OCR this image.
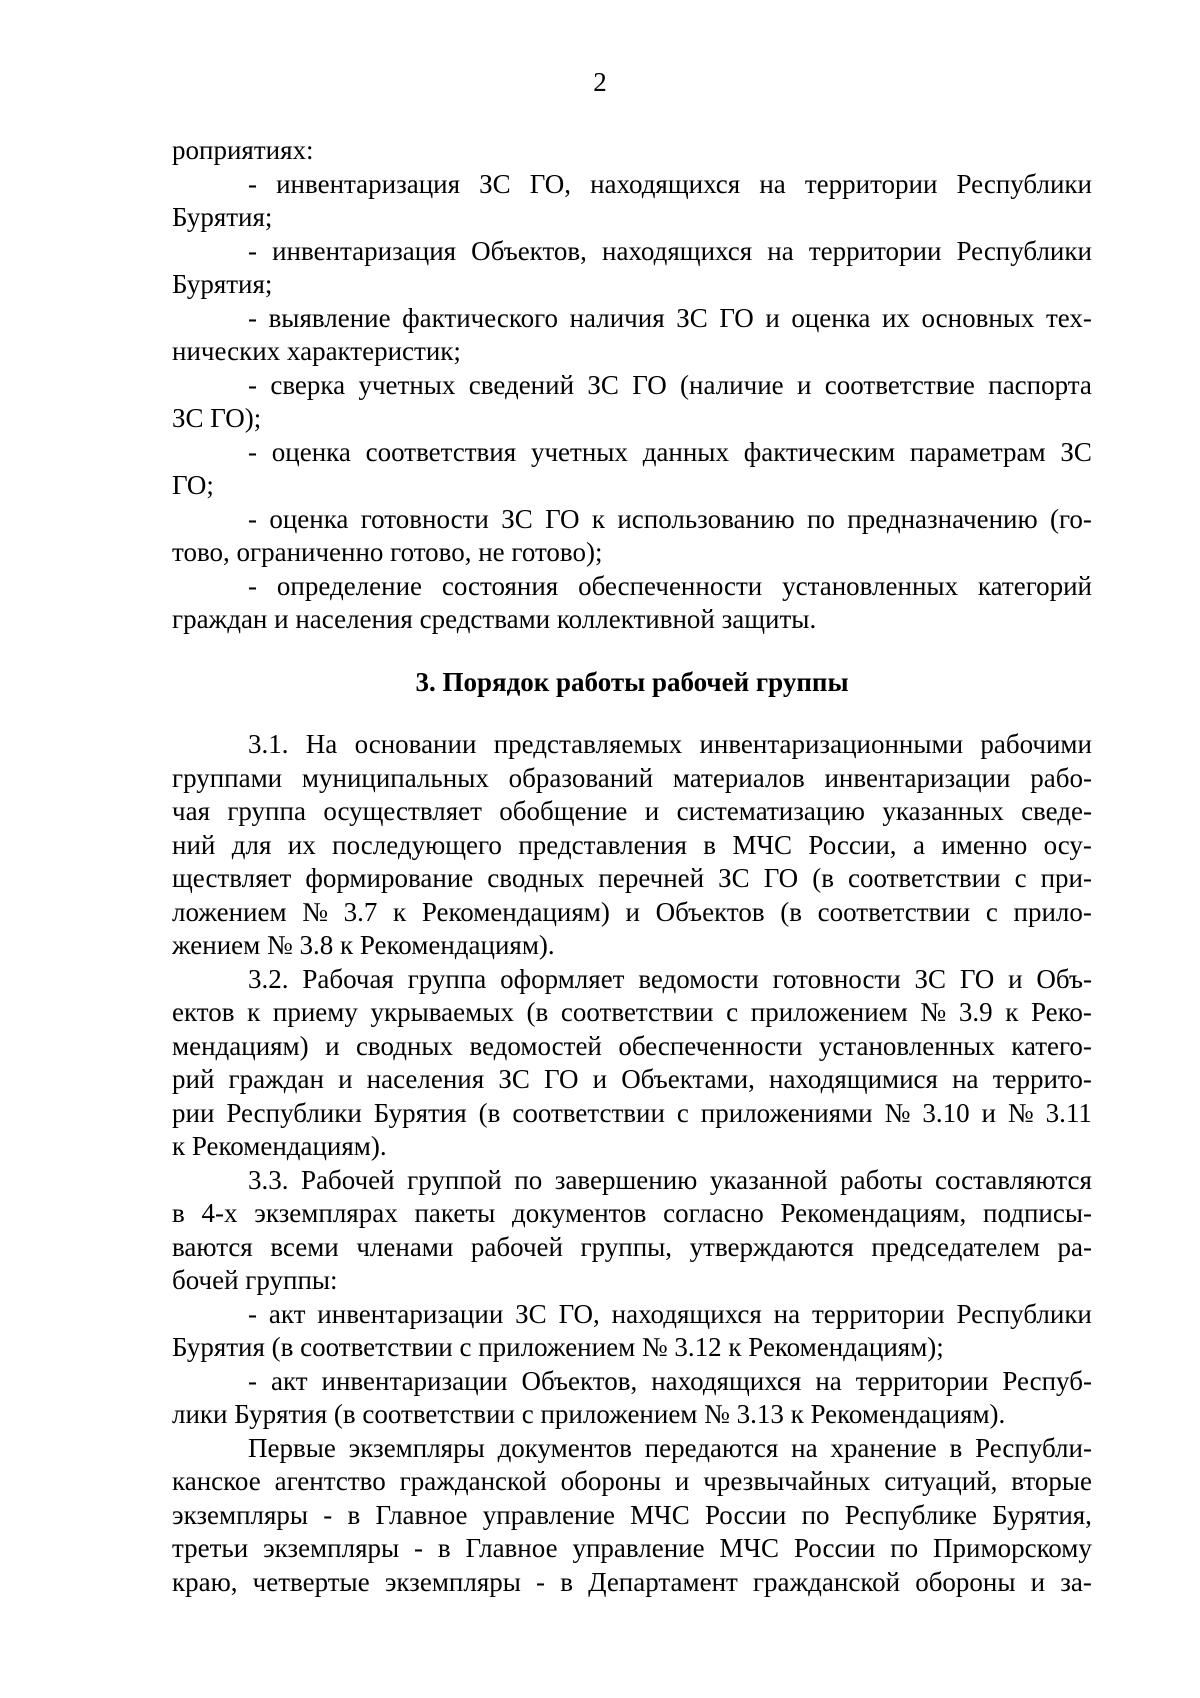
2
роприятиях:
- инвентаризация ЗС ГО, находящихся на территории Республики
Бурятия;
- инвентаризация Объектов, находящихся на территории Республики
Бурятия;
- выявление фактического наличия ЗС ГО и оценка их основных тех-
нических характеристик;
- сверка учетных сведений ЗС ГО (наличие и соответствие паспорта
ЗС ГО);
- оценка соответствия учетных данных фактическим параметрам ЗС
ГО;
- оценка готовности ЗС ГО к использованию по предназначению (го-
тово, ограниченно готово, не готово);
- определение состояния обеспеченности установленных категорий
граждан и населения средствами коллективной защиты.
3. Порядок работы рабочей группы
3.1. На основании представляемых инвентаризационными рабочими
группами муниципальных образований материалов инвентаризации рабо-
чая группа осуществляет обобщение и систематизацию указанных сведе-
ний для их последующего представления в МЧС России, а именно осу-
ществляет формирование сводных перечней ЗС ГО (в соответствии с при-
ложением № 3.7 к Рекомендациям) и Объектов (в соответствии с прило-
жением № 3.8 к Рекомендациям).
3.2. Рабочая группа оформляет ведомости готовности ЗС ГО и Объ-
ектов к приему укрываемых (в соответствии с приложением № 3.9 к Реко-
мендациям) и сводных ведомостей обеспеченности установленных катего-
рий граждан и населения ЗС ГО и Объектами, находящимися на террито-
рии Республики Бурятия (в соответствии с приложениями № 3.10 и № 3.11
к Рекомендациям).
3.3. Рабочей группой по завершению указанной работы составляются
в 4-х экземплярах пакеты документов согласно Рекомендациям, подписы-
ваются всеми членами рабочей группы, утверждаются председателем ра-
бочей группы:
- акт инвентаризации ЗС ГО, находящихся на территории Республики
Бурятия (в соответствии с приложением № 3.12 к Рекомендациям);
- акт инвентаризации Объектов, находящихся на территории Респуб-
лики Бурятия (в соответствии с приложением № 3.13 к Рекомендациям).
Первые экземпляры документов передаются на хранение в Республи-
канское агентство гражданской обороны и чрезвычайных ситуаций, вторые
экземпляры - в Главное управление МЧС России по Республике Бурятия,
третьи экземпляры - в Главное управление МЧС России по Приморскому
краю, четвертые экземпляры - в Департамент гражданской обороны и за-
